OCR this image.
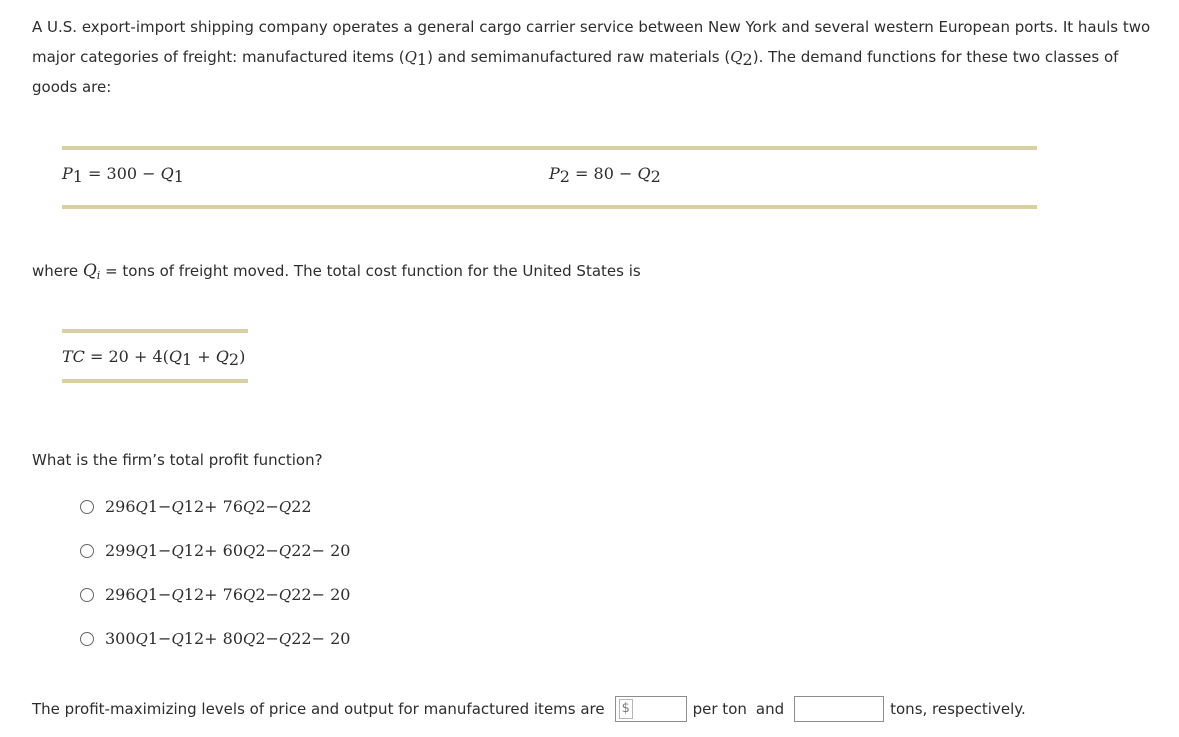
A U.S. export-import shipping company operates a general cargo carrier service between New York and several western European ports. It hauls two
major categories of freight: manufactured items $(Q_1)$ and semimanufactured raw materials $(Q_2)$. The demand functions for these two classes of
goods are:

$P_1 = 300 - Q_1$	$P_2 = 80 - Q_2$

where $Q_i$ = tons of freight moved. The total cost function for the United States is

TC = $20 + 4(Q_1 + Q_2)$
What is the firm’s total profit function?
296 Q 1 − Q 1 2 + 76 Q 2 − Q 2 2
299 Q 1 − Q 1 2 + 60 Q 2 − Q 2 2 − 20
296 Q 1 − Q 1 2 + 76 Q 2 − Q 2 2 − 20
300 Q 1 − Q 1 2 + 80 Q 2 − Q 2 2 − 20
The profit-maximizing levels of price and output for manufactured items are $	per ton and	tons, respectively.
